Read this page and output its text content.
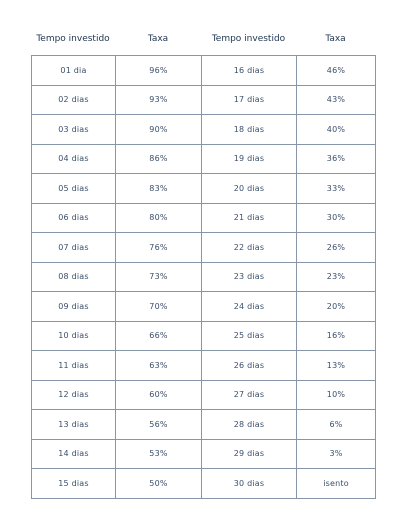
Tempo investido	Taxa	Tempo investido	Taxa
01 dia	96%	16 dias	46%
02 dias	93%	17 dias	43%
03 dias	90%	18 dias	40%
04 dias	86%	19 dias	36%
05 dias	83%	20 dias	33%
06 dias	80%	21 dias	30%
07 dias	76%	22 dias	26%
08 dias	73%	23 dias	23%
09 dias	70%	24 dias	20%
10 dias	66%	25 dias	16%
11 dias	63%	26 dias	13%
12 dias	60%	27 dias	10%
13 dias	56%	28 dias	6%
14 dias	53%	29 dias	3%
15 dias	50%	30 dias	isento
